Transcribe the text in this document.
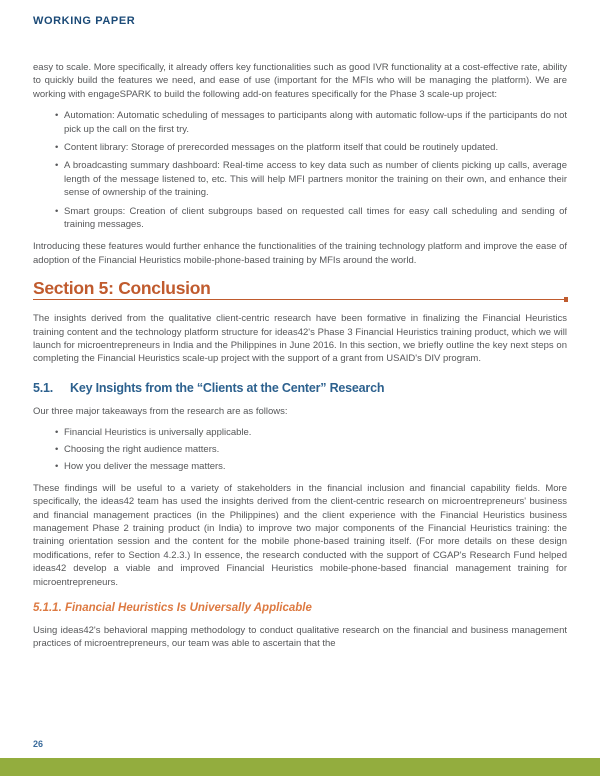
WORKING PAPER

easy to scale. More specifically, it already offers key functionalities such as good IVR functionality at a cost-effective rate, ability to quickly build the features we need, and ease of use (important for the MFIs who will be managing the platform). We are working with engageSPARK to build the following add-on features specifically for the Phase 3 scale-up project:

•
Automation: Automatic scheduling of messages to participants along with automatic follow-ups if the participants do not pick up the call on the first try.
•
Content library: Storage of prerecorded messages on the platform itself that could be routinely updated.
•
A broadcasting summary dashboard: Real-time access to key data such as number of clients picking up calls, average length of the message listened to, etc. This will help MFI partners monitor the training on their own, and enhance their sense of ownership of the training.
•
Smart groups: Creation of client subgroups based on requested call times for easy call scheduling and sending of training messages.

Introducing these features would further enhance the functionalities of the training technology platform and improve the ease of adoption of the Financial Heuristics mobile-phone-based training by MFIs around the world.

Section 5: Conclusion

The insights derived from the qualitative client-centric research have been formative in finalizing the Financial Heuristics training content and the technology platform structure for ideas42's Phase 3 Financial Heuristics training product, which we will launch for microentrepreneurs in India and the Philippines in June 2016. In this section, we briefly outline the key next steps on completing the Financial Heuristics scale-up project with the support of a grant from USAID's DIV program.

5.1.	Key Insights from the “Clients at the Center” Research

Our three major takeaways from the research are as follows:

•
Financial Heuristics is universally applicable.
•
Choosing the right audience matters.
•
How you deliver the message matters.

These findings will be useful to a variety of stakeholders in the financial inclusion and financial capability fields. More specifically, the ideas42 team has used the insights derived from the client-centric research on microentrepreneurs' business and financial management practices (in the Philippines) and the client experience with the Financial Heuristics business management Phase 2 training product (in India) to improve two major components of the Financial Heuristics training: the training orientation session and the content for the mobile phone-based training itself. (For more details on these design modifications, refer to Section 4.2.3.) In essence, the research conducted with the support of CGAP's Research Fund helped ideas42 develop a viable and improved Financial Heuristics mobile-phone-based financial management training for microentrepreneurs.

5.1.1. Financial Heuristics Is Universally Applicable

Using ideas42's behavioral mapping methodology to conduct qualitative research on the financial and business management practices of microentrepreneurs, our team was able to ascertain that the

26
